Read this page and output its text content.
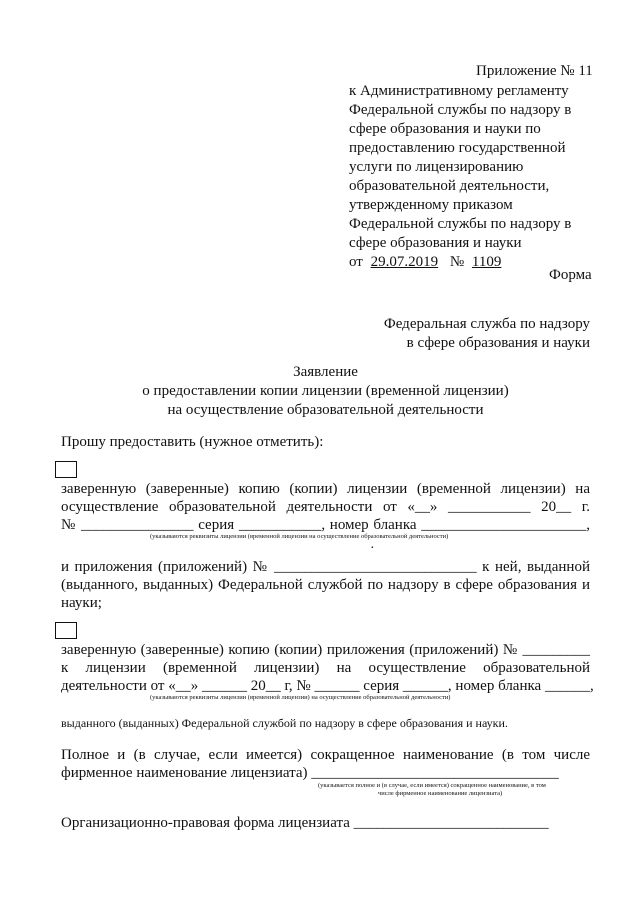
Приложение № 11
к Административному регламенту
Федеральной службы по надзору в
сфере образования и науки по
предоставлению государственной
услуги по лицензированию
образовательной деятельности,
утвержденному приказом
Федеральной службы по надзору в
сфере образования и науки
от 29.07.2019 № 1109
Форма
Федеральная служба по надзору
в сфере образования и науки
Заявление
о предоставлении копии лицензии (временной лицензии)
на осуществление образовательной деятельности
Прошу предоставить (нужное отметить):
заверенную (заверенные) копию (копии) лицензии (временной лицензии) на
осуществление образовательной деятельности от «__» ___________ 20__ г.
№ _______________ серия ___________, номер бланка ______________________,
(указываются реквизиты лицензии (временной лицензии на осуществление образовательной деятельности)
·
и приложения (приложений) № ___________________________ к ней, выданной
(выданного, выданных) Федеральной службой по надзору в сфере образования и
науки;
заверенную (заверенные) копию (копии) приложения (приложений) № _________
к лицензии (временной лицензии) на осуществление образовательной
деятельности от «__» ______ 20__ г, № ______ серия ______, номер бланка ______,
(указываются реквизиты лицензии (временной лицензии) на осуществление образовательной деятельности)
выданного (выданных) Федеральной службой по надзору в сфере образования и науки.
Полное и (в случае, если имеется) сокращенное наименование (в том числе
фирменное наименование лицензиата) _________________________________
(указывается полное и (в случае, если имеется) сокращенное наименование, в том
числе фирменное наименование лицензиата)
Организационно-правовая форма лицензиата __________________________
